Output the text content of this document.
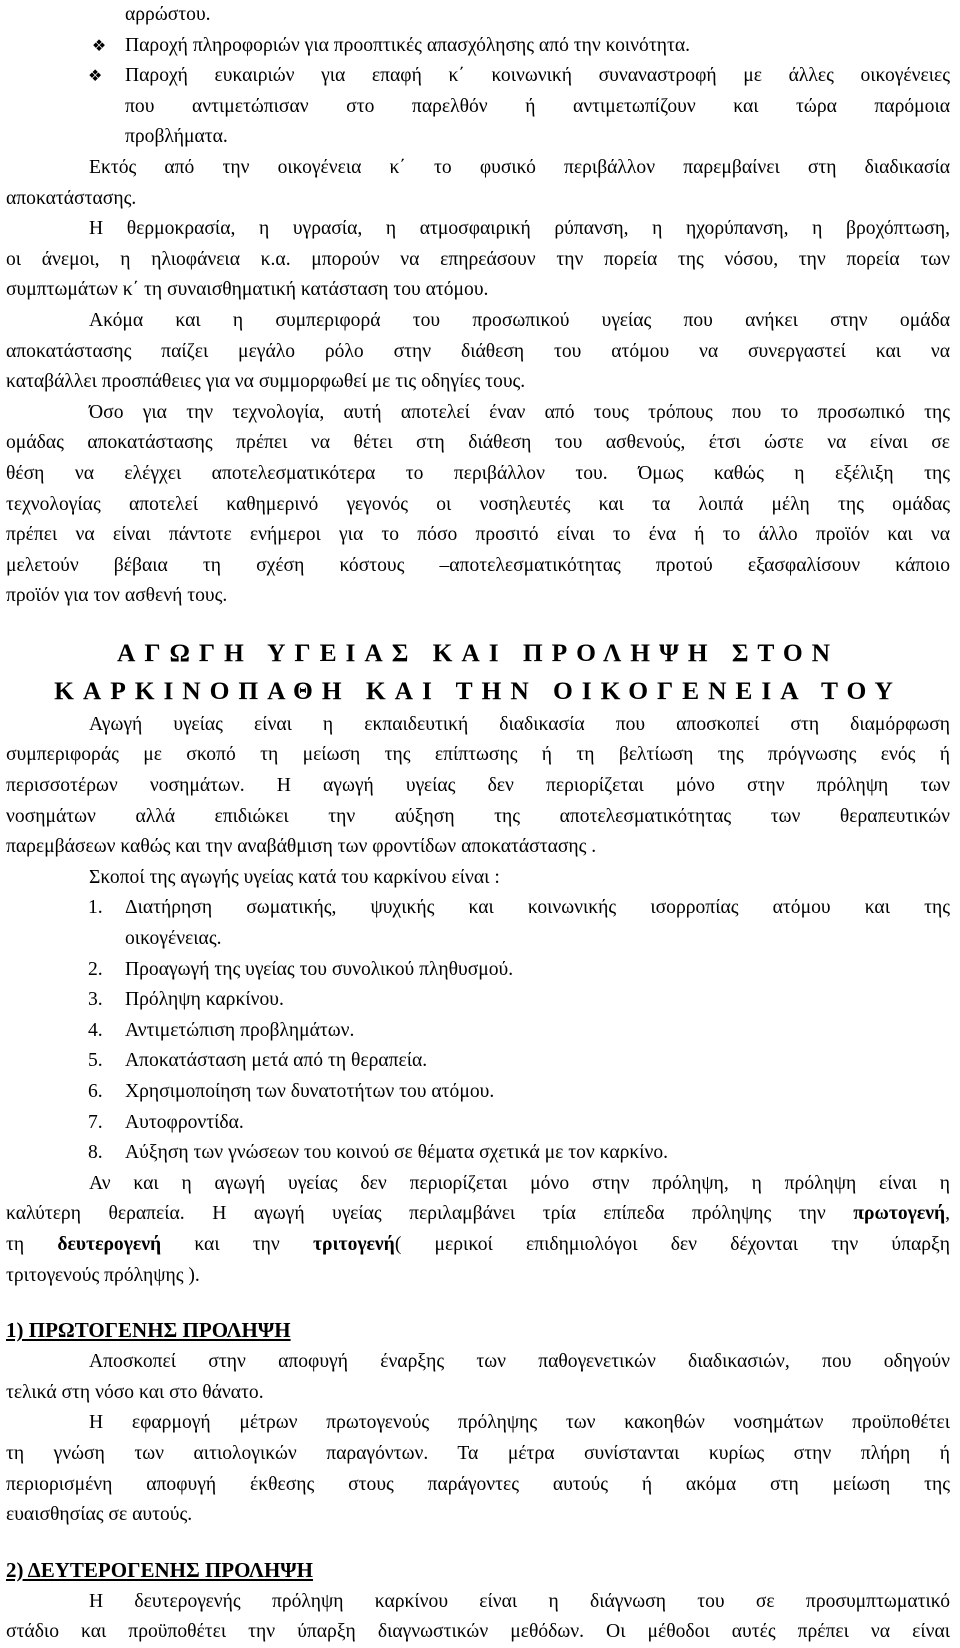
αρρώστου.
❖ Παροχή πληροφοριών για προοπτικές απασχόλησης από την κοινότητα.
❖	Παροχή ευκαιριών για επαφή κ΄ κοινωνική συναναστροφή με άλλες οικογένειες
που αντιμετώπισαν στο παρελθόν ή αντιμετωπίζουν και τώρα παρόμοια
προβλήματα.
Εκτός από την οικογένεια κ΄ το φυσικό περιβάλλον παρεμβαίνει στη διαδικασία
αποκατάστασης.
Η θερμοκρασία, η υγρασία, η ατμοσφαιρική ρύπανση, η ηχορύπανση, η βροχόπτωση,
οι άνεμοι, η ηλιοφάνεια κ.α. μπορούν να επηρεάσουν την πορεία της νόσου, την πορεία των
συμπτωμάτων κ΄ τη συναισθηματική κατάσταση του ατόμου.
Ακόμα και η συμπεριφορά του προσωπικού υγείας που ανήκει στην ομάδα
αποκατάστασης παίζει μεγάλο ρόλο στην διάθεση του ατόμου να συνεργαστεί και να
καταβάλλει προσπάθειες για να συμμορφωθεί με τις οδηγίες τους.
Όσο για την τεχνολογία, αυτή αποτελεί έναν από τους τρόπους που το προσωπικό της
ομάδας αποκατάστασης πρέπει να θέτει στη διάθεση του ασθενούς, έτσι ώστε να είναι σε
θέση να ελέγχει αποτελεσματικότερα το περιβάλλον του. Όμως καθώς η εξέλιξη της
τεχνολογίας αποτελεί καθημερινό γεγονός οι νοσηλευτές και τα λοιπά μέλη της ομάδας
πρέπει να είναι πάντοτε ενήμεροι για το πόσο προσιτό είναι το ένα ή το άλλο προϊόν και να
μελετούν βέβαια τη σχέση κόστους –αποτελεσματικότητας προτού εξασφαλίσουν κάποιο
προϊόν για τον ασθενή τους.
ΑΓΩΓΗ ΥΓΕΙΑΣ ΚΑΙ ΠΡΟΛΗΨΗ ΣΤΟΝ
ΚΑΡΚΙΝΟΠΑΘΗ ΚΑΙ ΤΗΝ ΟΙΚΟΓΕΝΕΙΑ ΤΟΥ
Αγωγή υγείας είναι η εκπαιδευτική διαδικασία που αποσκοπεί στη διαμόρφωση
συμπεριφοράς με σκοπό τη μείωση της επίπτωσης ή τη βελτίωση της πρόγνωσης ενός ή
περισσοτέρων νοσημάτων. Η αγωγή υγείας δεν περιορίζεται μόνο στην πρόληψη των
νοσημάτων αλλά επιδιώκει την αύξηση της αποτελεσματικότητας των θεραπευτικών
παρεμβάσεων καθώς και την αναβάθμιση των φροντίδων αποκατάστασης .
Σκοποί της αγωγής υγείας κατά του καρκίνου είναι :
1. Διατήρηση σωματικής, ψυχικής και κοινωνικής ισορροπίας ατόμου και της
οικογένειας.
2. Προαγωγή της υγείας του συνολικού πληθυσμού.
3. Πρόληψη καρκίνου.
4. Αντιμετώπιση προβλημάτων.
5. Αποκατάσταση μετά από τη θεραπεία.
6. Χρησιμοποίηση των δυνατοτήτων του ατόμου.
7. Αυτοφροντίδα.
8. Αύξηση των γνώσεων του κοινού σε θέματα σχετικά με τον καρκίνο.
Αν και η αγωγή υγείας δεν περιορίζεται μόνο στην πρόληψη, η πρόληψη είναι η
καλύτερη θεραπεία. Η αγωγή υγείας περιλαμβάνει τρία επίπεδα πρόληψης την πρωτογενή,
τη δευτερογενή και την τριτογενή( μερικοί επιδημιολόγοι δεν δέχονται την ύπαρξη
τριτογενούς πρόληψης ).
1) ΠΡΩΤΟΓΕΝΗΣ ΠΡΟΛΗΨΗ
Αποσκοπεί στην αποφυγή έναρξης των παθογενετικών διαδικασιών, που οδηγούν
τελικά στη νόσο και στο θάνατο.
Η εφαρμογή μέτρων πρωτογενούς πρόληψης των κακοηθών νοσημάτων προϋποθέτει
τη γνώση των αιτιολογικών παραγόντων. Τα μέτρα συνίστανται κυρίως στην πλήρη ή
περιορισμένη αποφυγή έκθεσης στους παράγοντες αυτούς ή ακόμα στη μείωση της
ευαισθησίας σε αυτούς.
2) ΔΕΥΤΕΡΟΓΕΝΗΣ ΠΡΟΛΗΨΗ
Η δευτερογενής πρόληψη καρκίνου είναι η διάγνωση του σε προσυμπτωματικό
στάδιο και προϋποθέτει την ύπαρξη διαγνωστικών μεθόδων. Οι μέθοδοι αυτές πρέπει να είναι
